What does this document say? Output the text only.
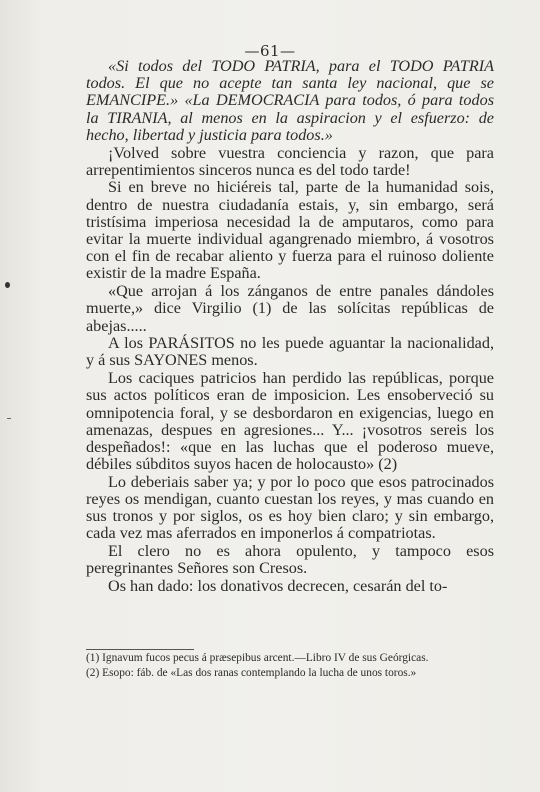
—61—

«Si todos del TODO PATRIA, para el TODO PATRIA todos. El que no acepte tan santa ley nacional, que se EMANCIPE.» «La DEMOCRACIA para todos, ó para todos la TIRANIA, al menos en la aspiracion y el esfuerzo: de hecho, libertad y justicia para todos.»

¡Volved sobre vuestra conciencia y razon, que para arrepentimientos sinceros nunca es del todo tarde!

Si en breve no hiciéreis tal, parte de la humanidad sois, dentro de nuestra ciudadanía estais, y, sin embargo, será tristísima imperiosa necesidad la de amputaros, como para evitar la muerte individual agangrenado miembro, á vosotros con el fin de recabar aliento y fuerza para el ruinoso doliente existir de la madre España.

«Que arrojan á los zánganos de entre panales dándoles muerte,» dice Virgilio (1) de las solícitas repúblicas de abejas.....

A los PARÁSITOS no les puede aguantar la nacionalidad, y á sus SAYONES menos.

Los caciques patricios han perdido las repúblicas, porque sus actos políticos eran de imposicion. Les ensoberveció su omnipotencia foral, y se desbordaron en exigencias, luego en amenazas, despues en agresiones... Y... ¡vosotros sereis los despeñados!: «que en las luchas que el poderoso mueve, débiles súbditos suyos hacen de holocausto» (2)

Lo deberiais saber ya; y por lo poco que esos patrocinados reyes os mendigan, cuanto cuestan los reyes, y mas cuando en sus tronos y por siglos, os es hoy bien claro; y sin embargo, cada vez mas aferrados en imponerlos á compatriotas.

El clero no es ahora opulento, y tampoco esos peregrinantes Señores son Cresos.

Os han dado: los donativos decrecen, cesarán del to-

(1) Ignavum fucos pecus á præsepibus arcent.—Libro IV de sus Geórgicas.

(2) Esopo: fáb. de «Las dos ranas contemplando la lucha de unos toros.»
